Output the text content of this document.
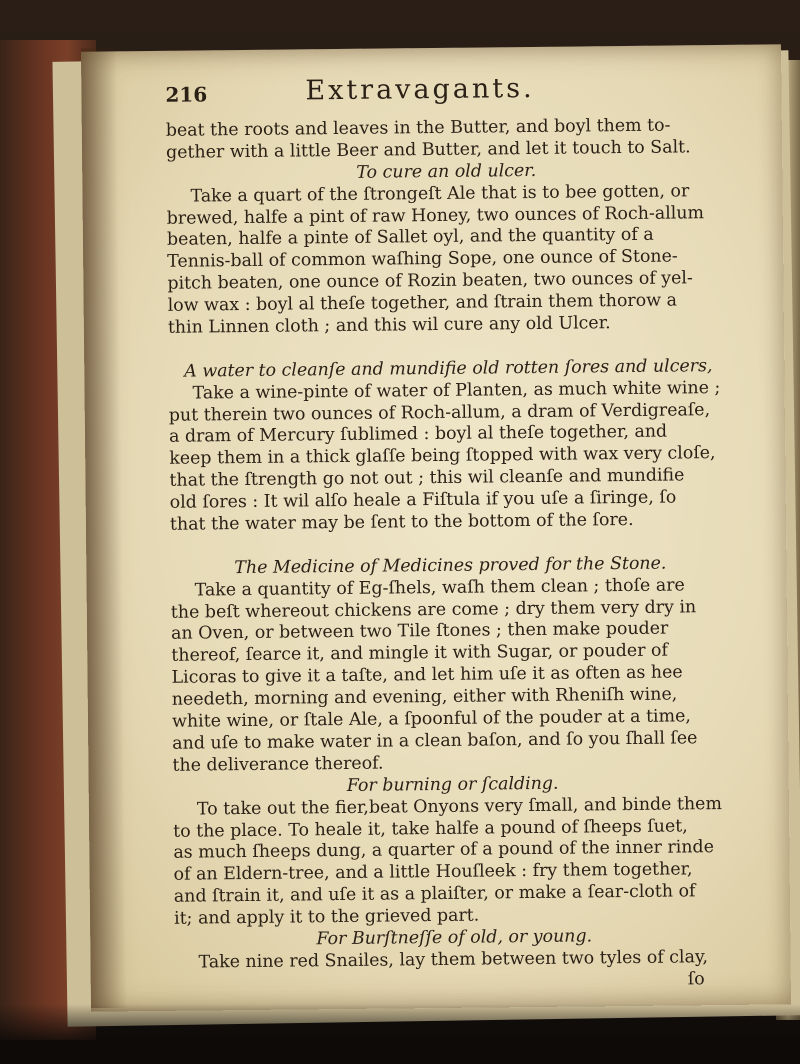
216	Extravagants.
beat the roots and leaves in the Butter, and boyl them to-
gether with a little Beer and Butter, and let it touch to Salt.
To cure an old ulcer.
Take a quart of the ſtrongeſt Ale that is to bee gotten, or
brewed, halfe a pint of raw Honey, two ounces of Roch-allum
beaten, halfe a pinte of Sallet oyl, and the quantity of a
Tennis-ball of common waſhing Sope, one ounce of Stone-
pitch beaten, one ounce of Rozin beaten, two ounces of yel-
low wax : boyl al theſe together, and ſtrain them thorow a
thin Linnen cloth ; and this wil cure any old Ulcer.
A water to cleanſe and mundifie old rotten ſores and ulcers,
Take a wine-pinte of water of Planten, as much white wine ;
put therein two ounces of Roch-allum, a dram of Verdigreaſe,
a dram of Mercury ſublimed : boyl al theſe together, and
keep them in a thick glaſſe being ſtopped with wax very cloſe,
that the ſtrength go not out ; this wil cleanſe and mundifie
old ſores : It wil alſo heale a Fiſtula if you uſe a ſiringe, ſo
that the water may be ſent to the bottom of the ſore.
The Medicine of Medicines proved for the Stone.
Take a quantity of Eg-ſhels, waſh them clean ; thoſe are
the beſt whereout chickens are come ; dry them very dry in
an Oven, or between two Tile ſtones ; then make pouder
thereof, ſearce it, and mingle it with Sugar, or pouder of
Licoras to give it a taſte, and let him uſe it as often as hee
needeth, morning and evening, either with Rheniſh wine,
white wine, or ſtale Ale, a ſpoonful of the pouder at a time,
and uſe to make water in a clean baſon, and ſo you ſhall ſee
the deliverance thereof.
For burning or ſcalding.
To take out the fier,beat Onyons very ſmall, and binde them
to the place. To heale it, take halfe a pound of ſheeps ſuet,
as much ſheeps dung, a quarter of a pound of the inner rinde
of an Eldern-tree, and a little Houſleek : fry them together,
and ſtrain it, and uſe it as a plaiſter, or make a ſear-cloth of
it; and apply it to the grieved part.
For Burſtneſſe of old, or young.
Take nine red Snailes, lay them between two tyles of clay,
ſo
